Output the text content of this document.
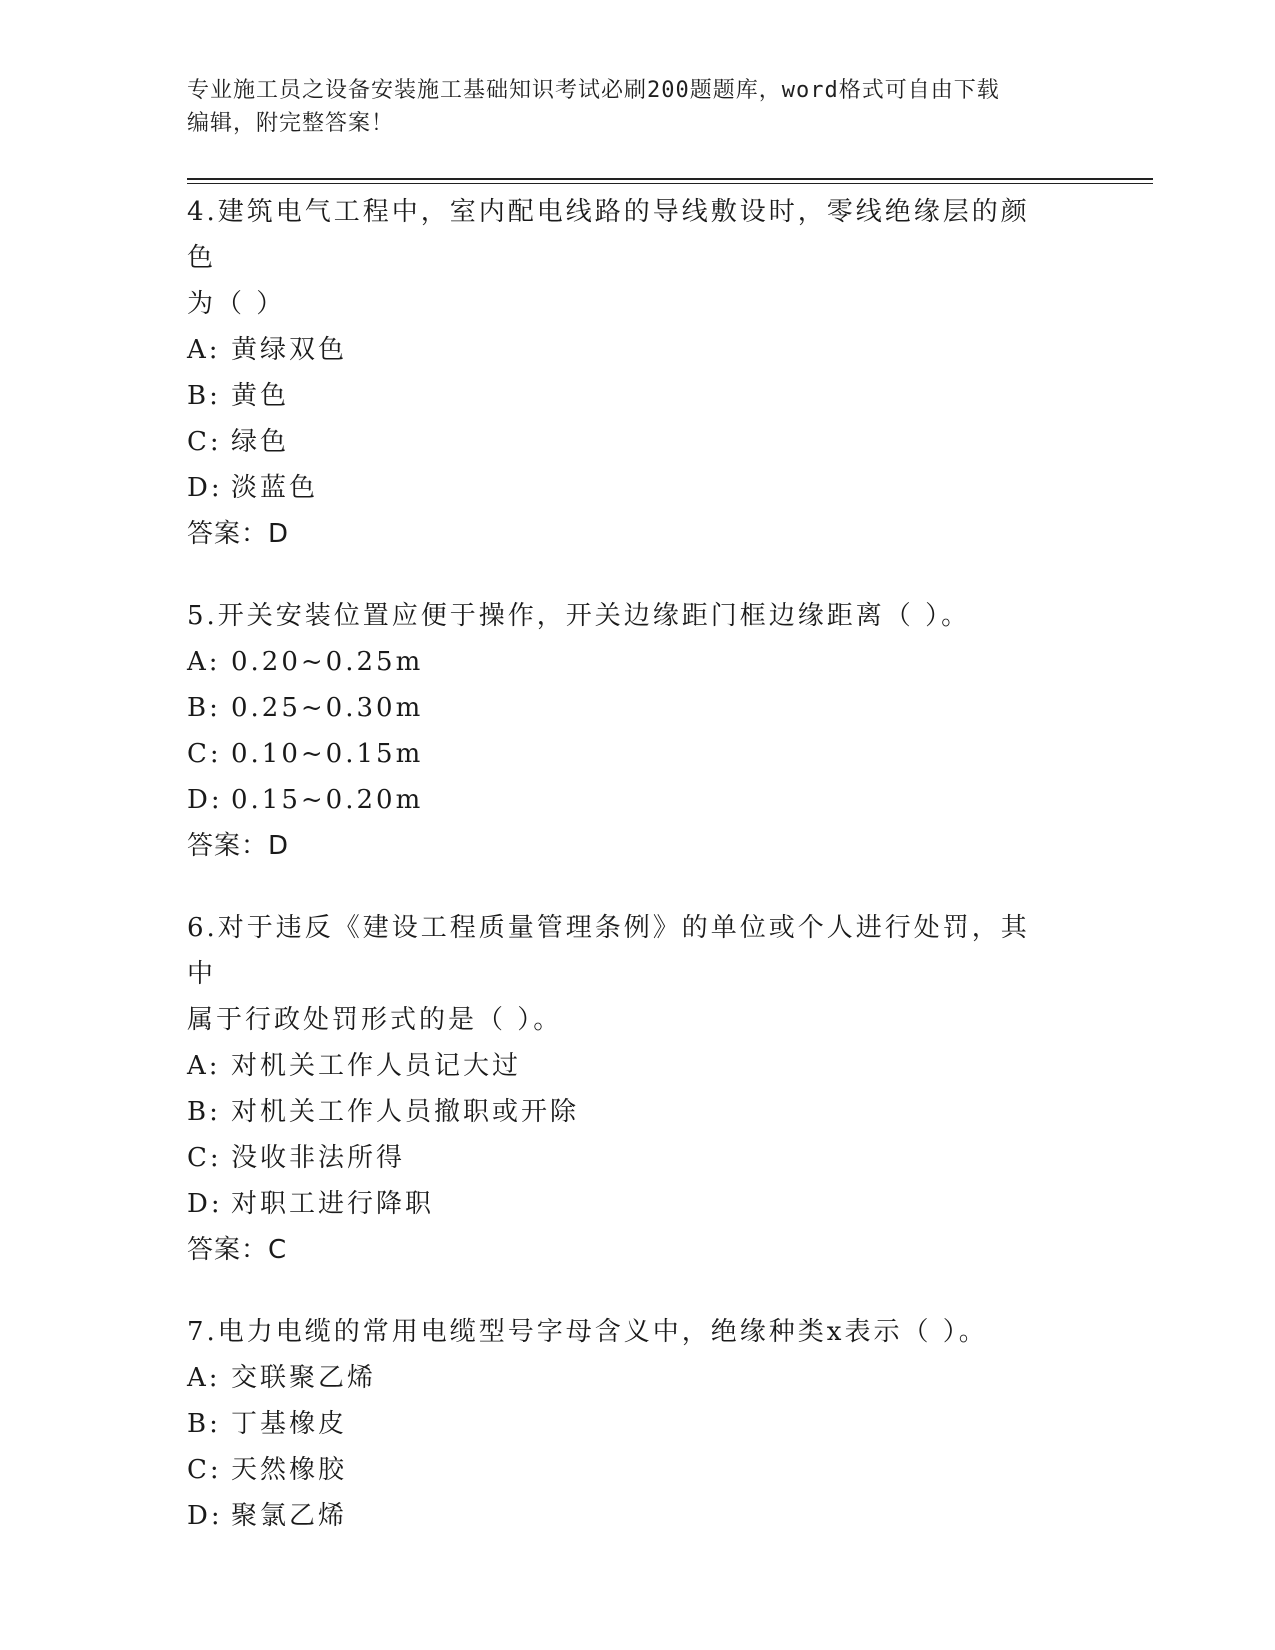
专业施工员之设备安装施工基础知识考试必刷200题题库，word格式可自由下载
编辑，附完整答案！

4.建筑电气工程中，室内配电线路的导线敷设时，零线绝缘层的颜色
为（ ）

A: 黄绿双色

B: 黄色

C: 绿色

D: 淡蓝色

答案：D

5.开关安装位置应便于操作，开关边缘距门框边缘距离（ ）。

A: 0.20~0.25m

B: 0.25~0.30m

C: 0.10~0.15m

D: 0.15~0.20m

答案：D

6.对于违反《建设工程质量管理条例》的单位或个人进行处罚，其中
属于行政处罚形式的是（ ）。

A: 对机关工作人员记大过

B: 对机关工作人员撤职或开除

C: 没收非法所得

D: 对职工进行降职

答案：C

7.电力电缆的常用电缆型号字母含义中，绝缘种类x表示（ ）。

A: 交联聚乙烯

B: 丁基橡皮

C: 天然橡胶

D: 聚氯乙烯
